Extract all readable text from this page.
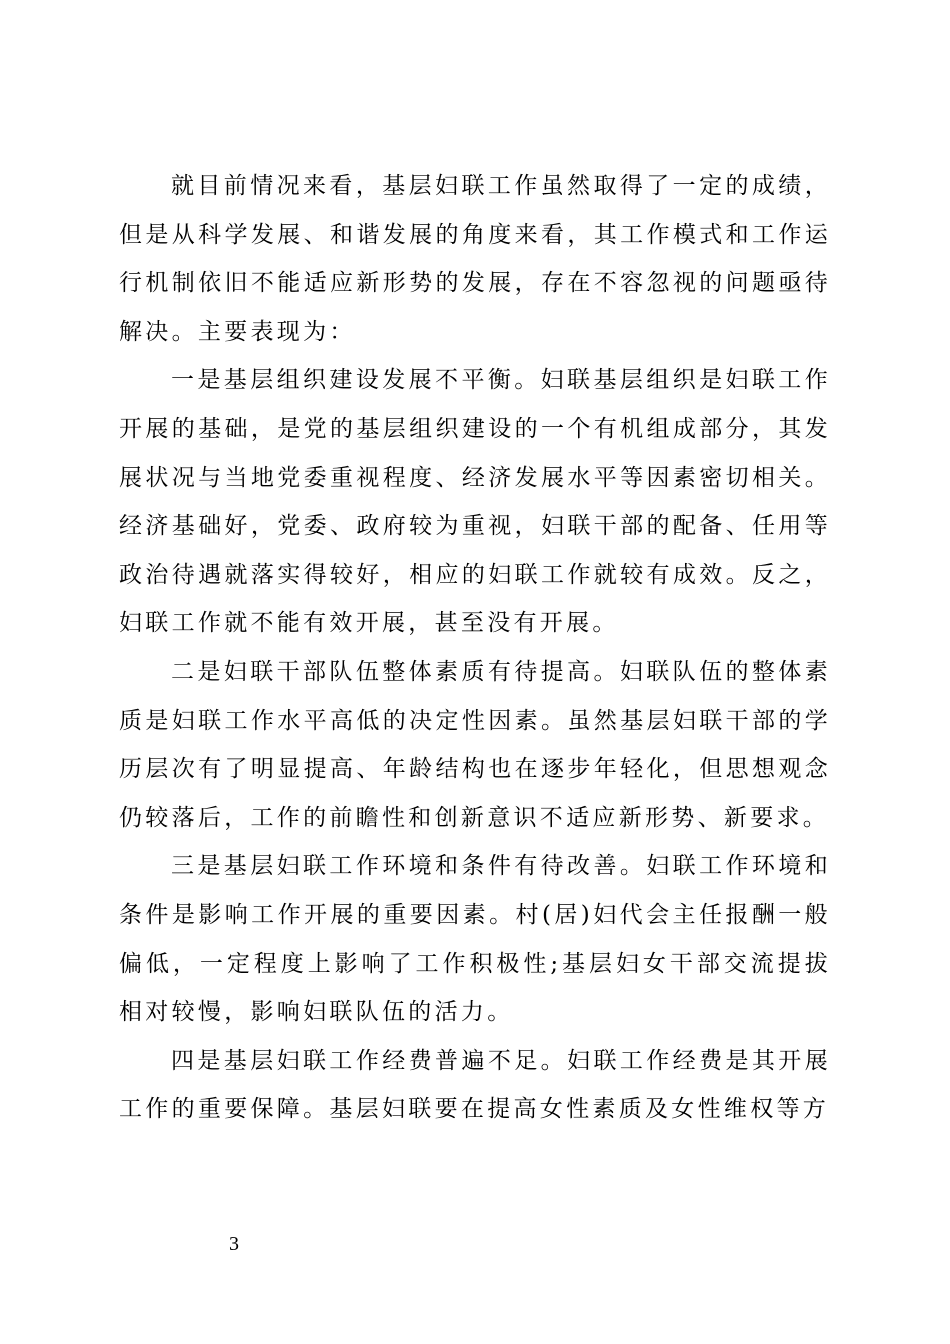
就目前情况来看，基层妇联工作虽然取得了一定的成绩，但是从科学发展、和谐发展的角度来看，其工作模式和工作运行机制依旧不能适应新形势的发展，存在不容忽视的问题亟待解决。主要表现为：

一是基层组织建设发展不平衡。妇联基层组织是妇联工作开展的基础，是党的基层组织建设的一个有机组成部分，其发展状况与当地党委重视程度、经济发展水平等因素密切相关。经济基础好，党委、政府较为重视，妇联干部的配备、任用等政治待遇就落实得较好，相应的妇联工作就较有成效。反之，妇联工作就不能有效开展，甚至没有开展。

二是妇联干部队伍整体素质有待提高。妇联队伍的整体素质是妇联工作水平高低的决定性因素。虽然基层妇联干部的学历层次有了明显提高、年龄结构也在逐步年轻化，但思想观念仍较落后，工作的前瞻性和创新意识不适应新形势、新要求。

三是基层妇联工作环境和条件有待改善。妇联工作环境和条件是影响工作开展的重要因素。村(居)妇代会主任报酬一般偏低，一定程度上影响了工作积极性;基层妇女干部交流提拔相对较慢，影响妇联队伍的活力。

四是基层妇联工作经费普遍不足。妇联工作经费是其开展工作的重要保障。基层妇联要在提高女性素质及女性维权等方

3
